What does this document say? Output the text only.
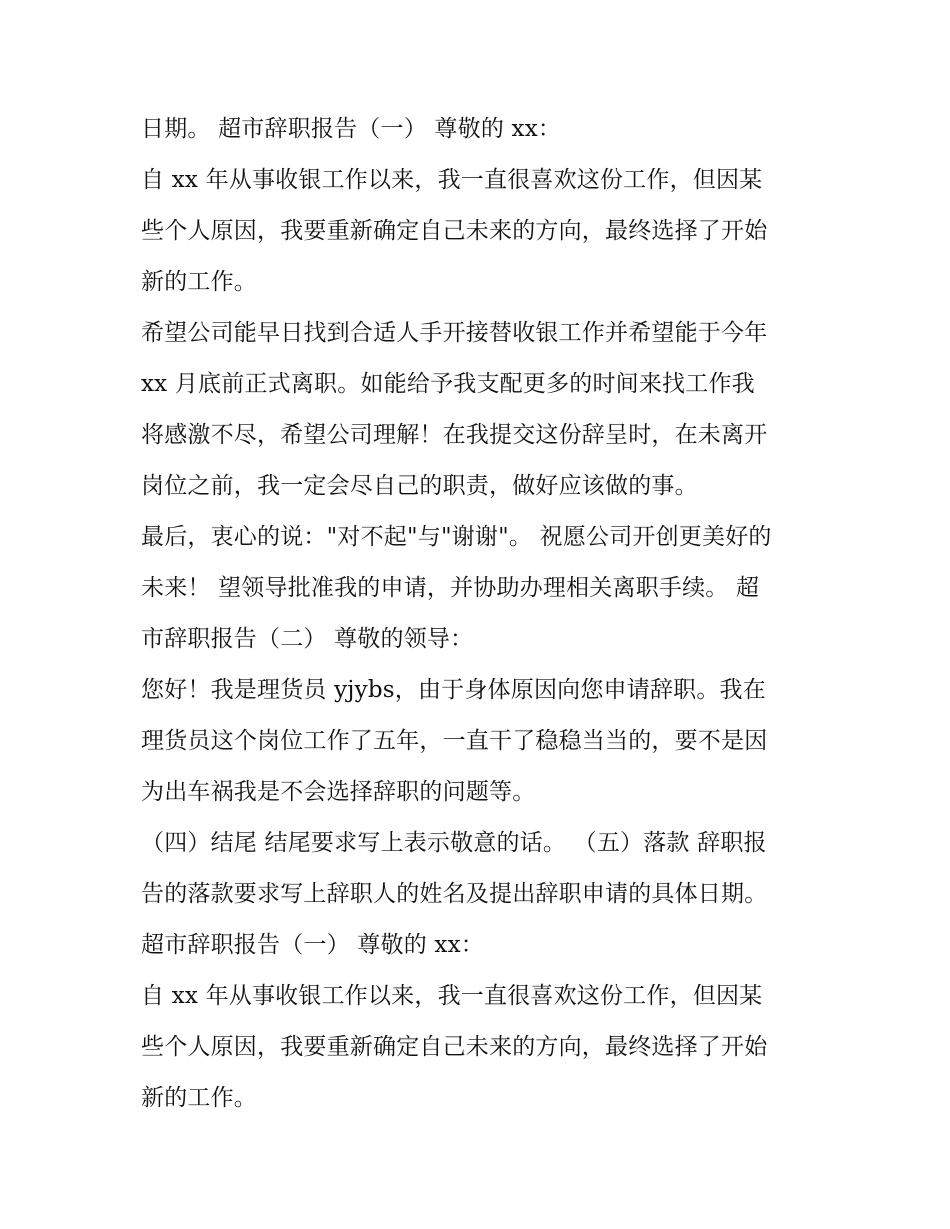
日期。 超市辞职报告（一） 尊敬的 xx：
自 xx 年从事收银工作以来，我一直很喜欢这份工作，但因某
些个人原因，我要重新确定自己未来的方向，最终选择了开始
新的工作。
希望公司能早日找到合适人手开接替收银工作并希望能于今年
xx 月底前正式离职。如能给予我支配更多的时间来找工作我
将感激不尽，希望公司理解！在我提交这份辞呈时，在未离开
岗位之前，我一定会尽自己的职责，做好应该做的事。
最后，衷心的说："对不起"与"谢谢"。 祝愿公司开创更美好的
未来！ 望领导批准我的申请，并协助办理相关离职手续。 超
市辞职报告（二） 尊敬的领导：
您好！我是理货员 yjybs，由于身体原因向您申请辞职。我在
理货员这个岗位工作了五年，一直干了稳稳当当的，要不是因
为出车祸我是不会选择辞职的问题等。
（四）结尾 结尾要求写上表示敬意的话。 （五）落款 辞职报
告的落款要求写上辞职人的姓名及提出辞职申请的具体日期。
超市辞职报告（一） 尊敬的 xx：
自 xx 年从事收银工作以来，我一直很喜欢这份工作，但因某
些个人原因，我要重新确定自己未来的方向，最终选择了开始
新的工作。
